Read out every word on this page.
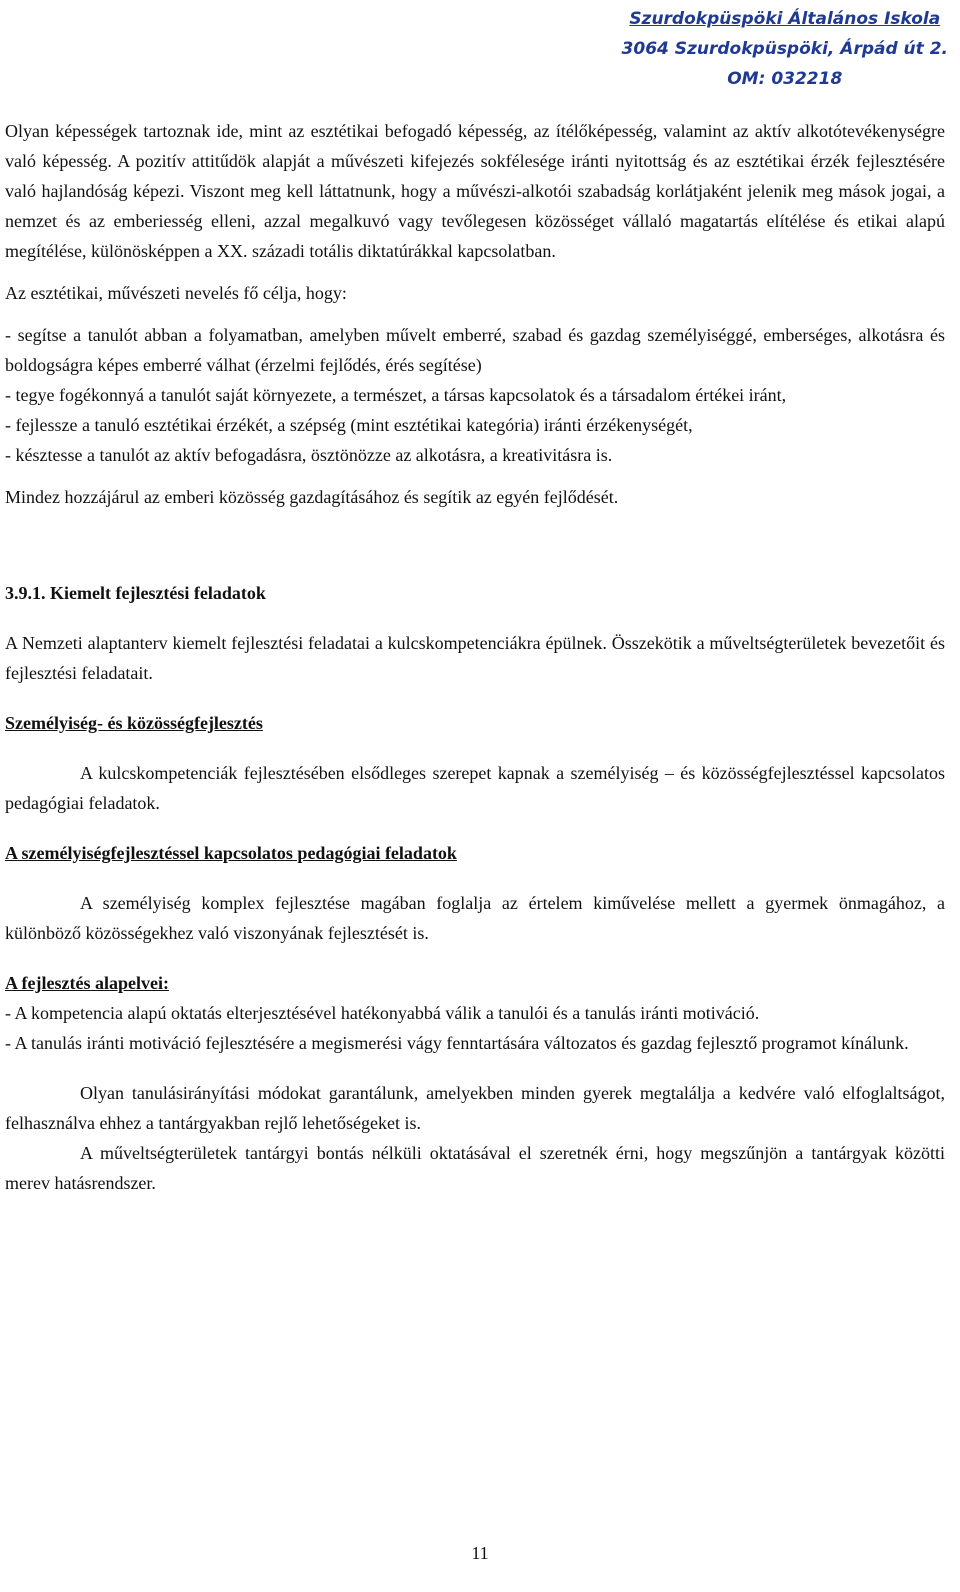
Szurdokpüspöki Általános Iskola
3064 Szurdokpüspöki, Árpád út 2.
OM: 032218

Olyan képességek tartoznak ide, mint az esztétikai befogadó képesség, az ítélőképesség, valamint az aktív alkotótevékenységre való képesség. A pozitív attitűdök alapját a művészeti kifejezés sokfélesége iránti nyitottság és az esztétikai érzék fejlesztésére való hajlandóság képezi. Viszont meg kell láttatnunk, hogy a művészi-alkotói szabadság korlátjaként jelenik meg mások jogai, a nemzet és az emberiesség elleni, azzal megalkuvó vagy tevőlegesen közösséget vállaló magatartás elítélése és etikai alapú megítélése, különösképpen a XX. századi totális diktatúrákkal kapcsolatban.

Az esztétikai, művészeti nevelés fő célja, hogy:

- segítse a tanulót abban a folyamatban, amelyben művelt emberré, szabad és gazdag személyiséggé, emberséges, alkotásra és boldogságra képes emberré válhat (érzelmi fejlődés, érés segítése)

- tegye fogékonnyá a tanulót saját környezete, a természet, a társas kapcsolatok és a társadalom értékei iránt,

- fejlessze a tanuló esztétikai érzékét, a szépség (mint esztétikai kategória) iránti érzékenységét,

- késztesse a tanulót az aktív befogadásra, ösztönözze az alkotásra, a kreativitásra is.

Mindez hozzájárul az emberi közösség gazdagításához és segítik az egyén fejlődését.

3.9.1. Kiemelt fejlesztési feladatok

A Nemzeti alaptanterv kiemelt fejlesztési feladatai a kulcskompetenciákra épülnek. Összekötik a műveltségterületek bevezetőit és fejlesztési feladatait.

Személyiség- és közösségfejlesztés

A kulcskompetenciák fejlesztésében elsődleges szerepet kapnak a személyiség – és közösségfejlesztéssel kapcsolatos pedagógiai feladatok.

A személyiségfejlesztéssel kapcsolatos pedagógiai feladatok

A személyiség komplex fejlesztése magában foglalja az értelem kiművelése mellett a gyermek önmagához, a különböző közösségekhez való viszonyának fejlesztését is.

A fejlesztés alapelvei:

- A kompetencia alapú oktatás elterjesztésével hatékonyabbá válik a tanulói és a tanulás iránti motiváció.

- A tanulás iránti motiváció fejlesztésére a megismerési vágy fenntartására változatos és gazdag fejlesztő programot kínálunk.

Olyan tanulásirányítási módokat garantálunk, amelyekben minden gyerek megtalálja a kedvére való elfoglaltságot, felhasználva ehhez a tantárgyakban rejlő lehetőségeket is.

A műveltségterületek tantárgyi bontás nélküli oktatásával el szeretnék érni, hogy megszűnjön a tantárgyak közötti merev hatásrendszer.

11
